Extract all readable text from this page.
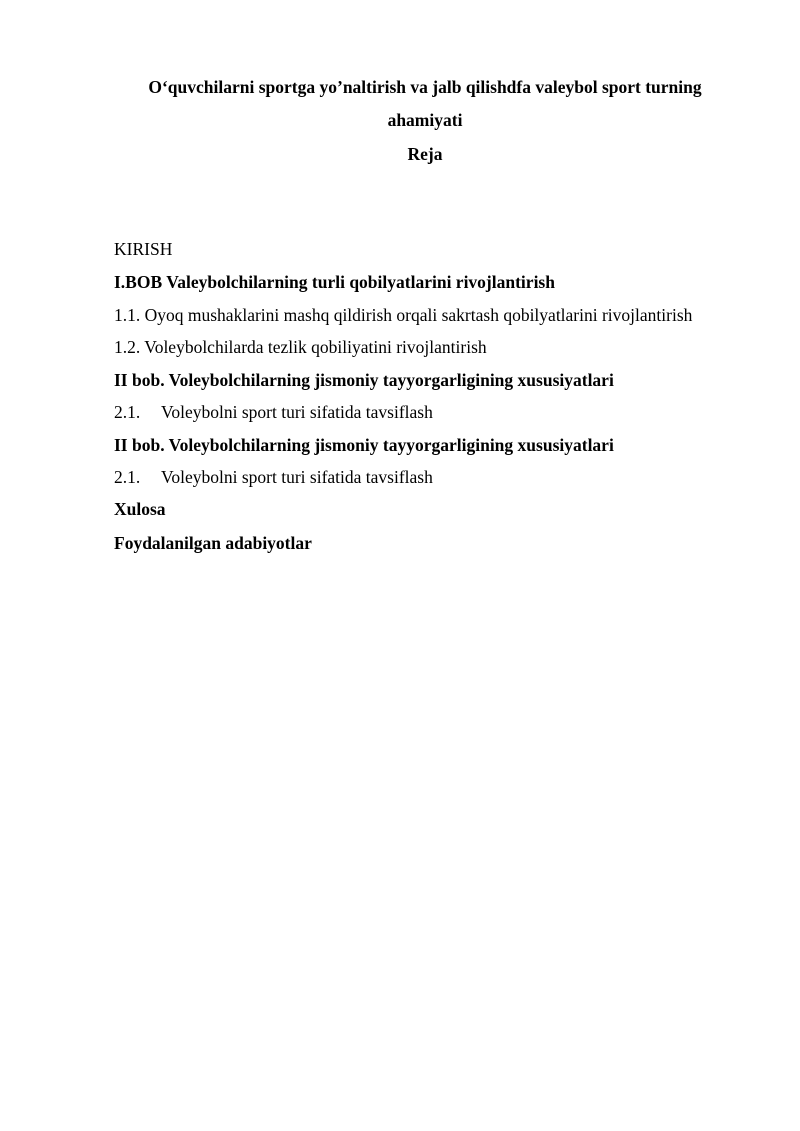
O‘quvchilarni sportga yo’naltirish va jalb qilishdfa valeybol sport turning
ahamiyati
Reja
KIRISH
I.BOB Valeybolchilarning turli qobilyatlarini rivojlantirish
1.1. Oyoq mushaklarini mashq qildirish orqali sakrtash qobilyatlarini rivojlantirish
1.2. Voleybolchilarda tezlik qobiliyatini rivojlantirish
II bob. Voleybolchilarning jismoniy tayyorgarligining xususiyatlari
2.1. Voleybolni sport turi sifatida tavsiflash
II bob. Voleybolchilarning jismoniy tayyorgarligining xususiyatlari
2.1. Voleybolni sport turi sifatida tavsiflash
Xulosa
Foydalanilgan adabiyotlar
